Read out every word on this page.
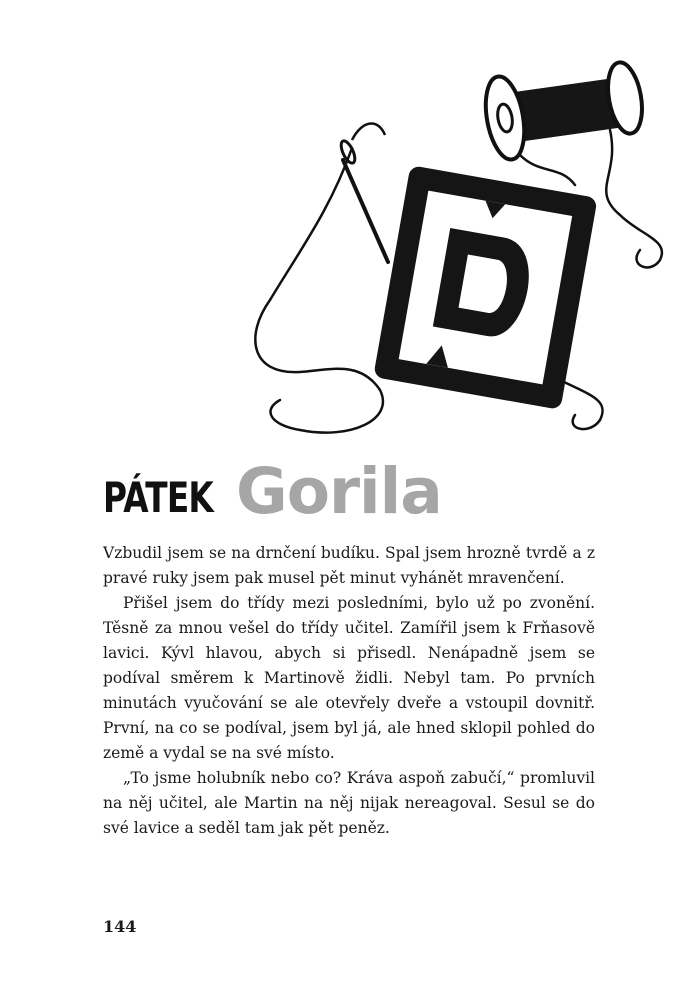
PÁTEK Gorila

Vzbudil jsem se na drnčení budíku. Spal jsem hrozně tvrdě a z pravé ruky jsem pak musel pět minut vyhánět mravenčení.

Přišel jsem do třídy mezi posledními, bylo už po zvonění. Těsně za mnou vešel do třídy učitel. Zamířil jsem k Frňasově lavici. Kývl hlavou, abych si přisedl. Nenápadně jsem se podíval směrem k Martinově židli. Nebyl tam. Po prvních minutách vyučování se ale otevřely dveře a vstoupil dovnitř. První, na co se podíval, jsem byl já, ale hned sklopil pohled do země a vydal se na své místo.

„To jsme holubník nebo co? Kráva aspoň zabučí,“ promluvil na něj učitel, ale Martin na něj nijak nereagoval. Sesul se do své lavice a seděl tam jak pět peněz.

144
